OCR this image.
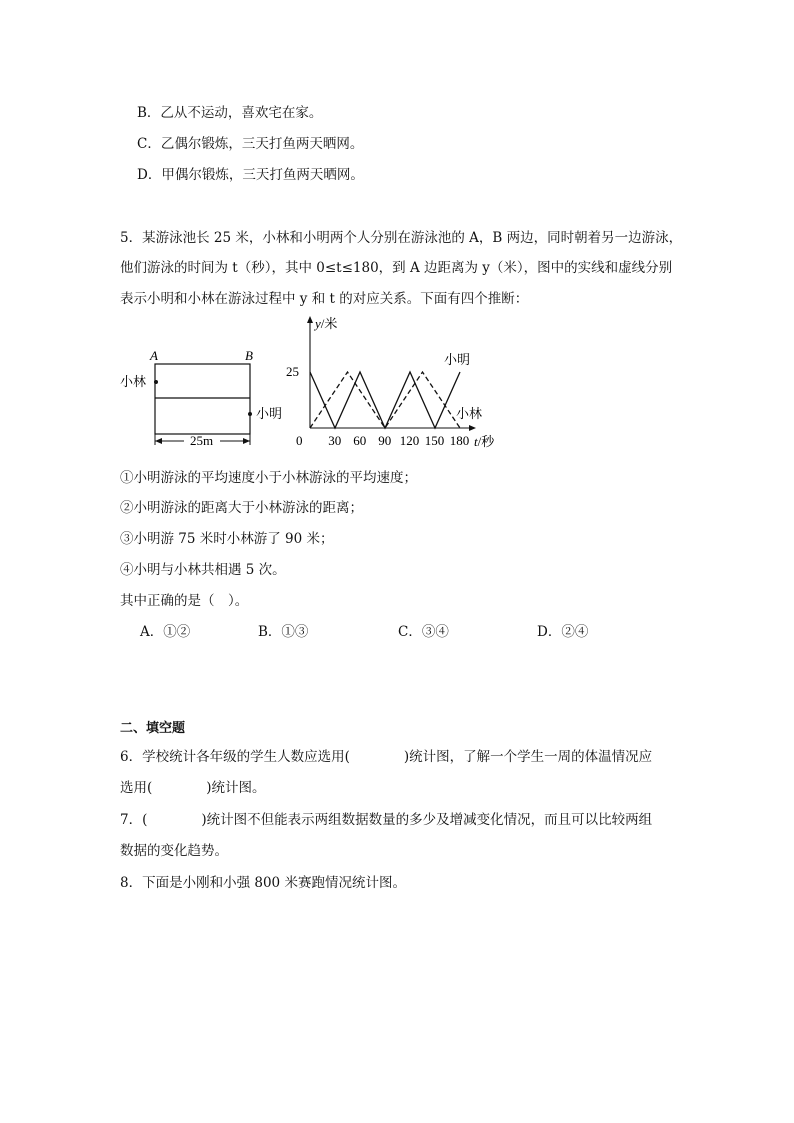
B．乙从不运动，喜欢宅在家。
C．乙偶尔锻炼，三天打鱼两天晒网。
D．甲偶尔锻炼，三天打鱼两天晒网。
5．某游泳池长 25 米，小林和小明两个人分别在游泳池的 A，B 两边，同时朝着另一边游泳，
他们游泳的时间为 t（秒），其中 0≤t≤180，到 A 边距离为 y（米），图中的实线和虚线分别
表示小明和小林在游泳过程中 y 和 t 的对应关系。下面有四个推断：
A	B
小林
小明
25m
y/米
t/秒
0 30 60 90 120 150 180
25
小明
小林
①小明游泳的平均速度小于小林游泳的平均速度；
②小明游泳的距离大于小林游泳的距离；
③小明游 75 米时小林游了 90 米；
④小明与小林共相遇 5 次。
其中正确的是（　）。
A．①②	B．①③	C．③④	D．②④
二、填空题
6．学校统计各年级的学生人数应选用(　　　　)统计图，了解一个学生一周的体温情况应
选用(　　　　)统计图。
7．(　　　　)统计图不但能表示两组数据数量的多少及增减变化情况，而且可以比较两组
数据的变化趋势。
8．下面是小刚和小强 800 米赛跑情况统计图。
